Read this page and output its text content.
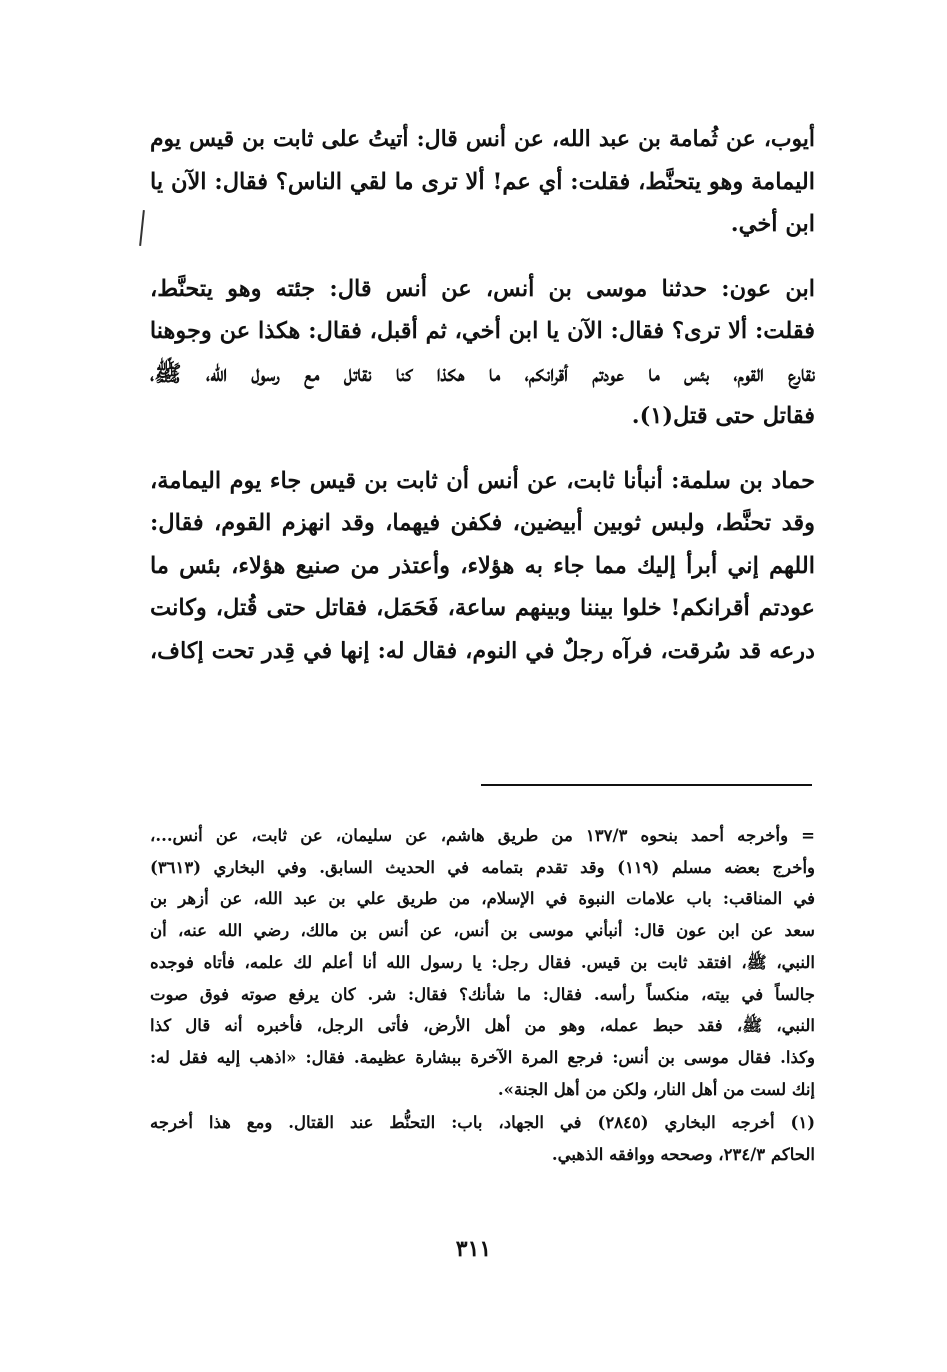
أيوب، عن ثُمامة بن عبد الله، عن أنس قال: أتيتُ على ثابت بن قيس يوم
اليمامة وهو يتحنَّط، فقلت: أي عم! ألا ترى ما لقي الناس؟ فقال: الآن يا
ابن أخي.

ابن عون: حدثنا موسى بن أنس، عن أنس قال: جئته وهو يتحنَّط،
فقلت: ألا ترى؟ فقال: الآن يا ابن أخي، ثم أقبل، فقال: هكذا عن وجوهنا
نقارع القوم، بئس ما عودتم أقرانكم، ما هكذا كنا نقاتل مع رسول الله، ﷺ،
فقاتل حتى قتل(١).

حماد بن سلمة: أنبأنا ثابت، عن أنس أن ثابت بن قيس جاء يوم اليمامة،
وقد تحنَّط، ولبس ثوبين أبيضين، فكفن فيهما، وقد انهزم القوم، فقال:
اللهم إني أبرأ إليك مما جاء به هؤلاء، وأعتذر من صنيع هؤلاء، بئس ما
عودتم أقرانكم! خلوا بيننا وبينهم ساعة، فَحَمَل، فقاتل حتى قُتل، وكانت
درعه قد سُرقت، فرآه رجلٌ في النوم، فقال له: إنها في قِدر تحت إكاف،

= وأخرجه أحمد بنحوه ١٣٧/٣ من طريق هاشم، عن سليمان، عن ثابت، عن أنس...،
وأخرج بعضه مسلم (١١٩) وقد تقدم بتمامه في الحديث السابق. وفي البخاري (٣٦١٣)
في المناقب: باب علامات النبوة في الإسلام، من طريق علي بن عبد الله، عن أزهر بن
سعد عن ابن عون قال: أنبأني موسى بن أنس، عن أنس بن مالك، رضي الله عنه، أن
النبي، ﷺ، افتقد ثابت بن قيس. فقال رجل: يا رسول الله أنا أعلم لك علمه، فأتاه فوجده
جالساً في بيته، منكساً رأسه. فقال: ما شأنك؟ فقال: شر. كان يرفع صوته فوق صوت
النبي، ﷺ، فقد حبط عمله، وهو من أهل الأرض، فأتى الرجل، فأخبره أنه قال كذا
وكذا. فقال موسى بن أنس: فرجع المرة الآخرة ببشارة عظيمة. فقال: «اذهب إليه فقل له:
إنك لست من أهل النار، ولكن من أهل الجنة».

(١) أخرجه البخاري (٢٨٤٥) في الجهاد، باب: التحنُّط عند القتال. ومع هذا أخرجه
الحاكم ٢٣٤/٣، وصححه ووافقه الذهبي.

٣١١
